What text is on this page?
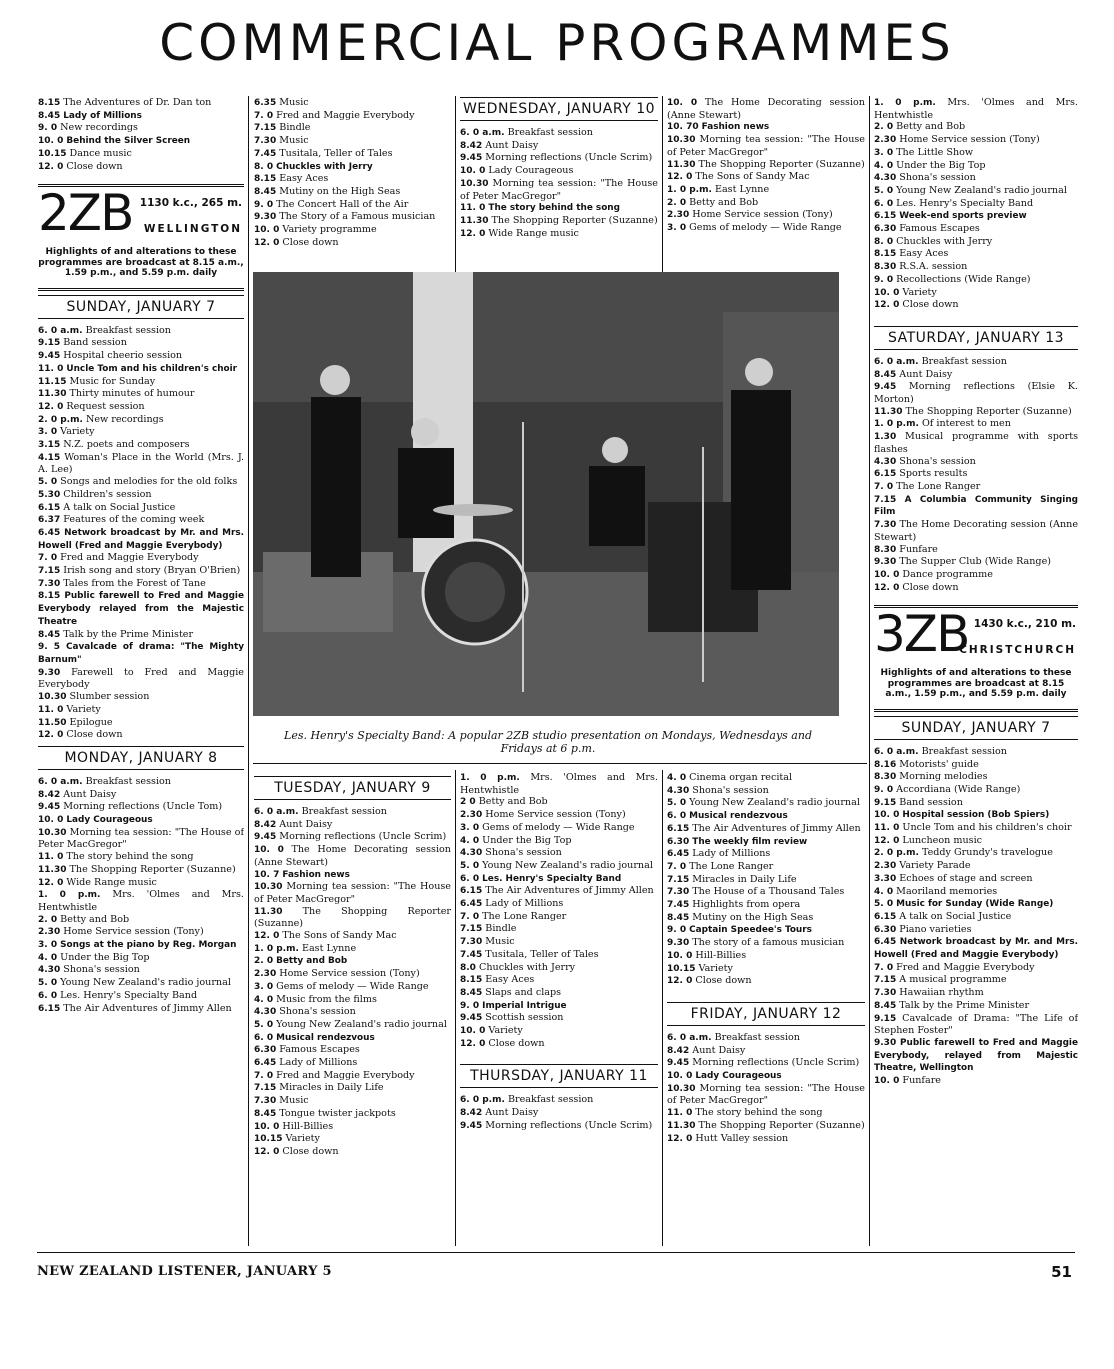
COMMERCIAL PROGRAMMES
8.15 The Adventures of Dr. Dan ton
8.45 Lady of Millions
9. 0 New recordings
10. 0 Behind the Silver Screen
10.15 Dance music
12. 0 Close down
2ZB 1130 k.c., 265 m.
WELLINGTON
Highlights of and alterations to these programmes are broadcast at 8.15 a.m., 1.59 p.m., and 5.59 p.m. daily
SUNDAY, JANUARY 7
6. 0 a.m. Breakfast session
9.15 Band session
9.45 Hospital cheerio session
11. 0 Uncle Tom and his children's choir
11.15 Music for Sunday
11.30 Thirty minutes of humour
12. 0 Request session
2. 0 p.m. New recordings
3. 0 Variety
3.15 N.Z. poets and composers
4.15 Woman's Place in the World (Mrs. J. A. Lee)
5. 0 Songs and melodies for the old folks
5.30 Children's session
6.15 A talk on Social Justice
6.37 Features of the coming week
6.45 Network broadcast by Mr. and Mrs. Howell (Fred and Maggie Everybody)
7. 0 Fred and Maggie Everybody
7.15 Irish song and story (Bryan O'Brien)
7.30 Tales from the Forest of Tane
8.15 Public farewell to Fred and Maggie Everybody relayed from the Majestic Theatre
8.45 Talk by the Prime Minister
9. 5 Cavalcade of drama: "The Mighty Barnum"
9.30 Farewell to Fred and Maggie Everybody
10.30 Slumber session
11. 0 Variety
11.50 Epilogue
12. 0 Close down
MONDAY, JANUARY 8
6. 0 a.m. Breakfast session
8.42 Aunt Daisy
9.45 Morning reflections (Uncle Tom)
10. 0 Lady Courageous
10.30 Morning tea session: "The House of Peter MacGregor"
11. 0 The story behind the song
11.30 The Shopping Reporter (Suzanne)
12. 0 Wide Range music
1. 0 p.m. Mrs. 'Olmes and Mrs. Hentwhistle
2. 0 Betty and Bob
2.30 Home Service session (Tony)
3. 0 Songs at the piano by Reg. Morgan
4. 0 Under the Big Top
4.30 Shona's session
5. 0 Young New Zealand's radio journal
6. 0 Les. Henry's Specialty Band
6.15 The Air Adventures of Jimmy Allen
6.35 Music
7. 0 Fred and Maggie Everybody
7.15 Bindle
7.30 Music
7.45 Tusitala, Teller of Tales
8. 0 Chuckles with Jerry
8.15 Easy Aces
8.45 Mutiny on the High Seas
9. 0 The Concert Hall of the Air
9.30 The Story of a Famous musician
10. 0 Variety programme
12. 0 Close down
WEDNESDAY, JANUARY 10
6. 0 a.m. Breakfast session
8.42 Aunt Daisy
9.45 Morning reflections (Uncle Scrim)
10. 0 Lady Courageous
10.30 Morning tea session: "The House of Peter MacGregor"
11. 0 The story behind the song
11.30 The Shopping Reporter (Suzanne)
12. 0 Wide Range music
10. 0 The Home Decorating session (Anne Stewart)
10. 70 Fashion news
10.30 Morning tea session: "The House of Peter MacGregor"
11.30 The Shopping Reporter (Suzanne)
12. 0 The Sons of Sandy Mac
1. 0 p.m. East Lynne
2. 0 Betty and Bob
2.30 Home Service session (Tony)
3. 0 Gems of melody — Wide Range
Les. Henry's Specialty Band: A popular 2ZB studio presentation on Mondays, Wednesdays and Fridays at 6 p.m.
TUESDAY, JANUARY 9
6. 0 a.m. Breakfast session
8.42 Aunt Daisy
9.45 Morning reflections (Uncle Scrim)
10. 0 The Home Decorating session (Anne Stewart)
10. 7 Fashion news
10.30 Morning tea session: "The House of Peter MacGregor"
11.30 The Shopping Reporter (Suzanne)
12. 0 The Sons of Sandy Mac
1. 0 p.m. East Lynne
2. 0 Betty and Bob
2.30 Home Service session (Tony)
3. 0 Gems of melody — Wide Range
4. 0 Music from the films
4.30 Shona's session
5. 0 Young New Zealand's radio journal
6. 0 Musical rendezvous
6.30 Famous Escapes
6.45 Lady of Millions
7. 0 Fred and Maggie Everybody
7.15 Miracles in Daily Life
7.30 Music
8.45 Tongue twister jackpots
10. 0 Hill-Billies
10.15 Variety
12. 0 Close down
1. 0 p.m. Mrs. 'Olmes and Mrs. Hentwhistle
2 0 Betty and Bob
2.30 Home Service session (Tony)
3. 0 Gems of melody — Wide Range
4. 0 Under the Big Top
4.30 Shona's session
5. 0 Young New Zealand's radio journal
6. 0 Les. Henry's Specialty Band
6.15 The Air Adventures of Jimmy Allen
6.45 Lady of Millions
7. 0 The Lone Ranger
7.15 Bindle
7.30 Music
7.45 Tusitala, Teller of Tales
8.0 Chuckles with Jerry
8.15 Easy Aces
8.45 Slaps and claps
9. 0 Imperial Intrigue
9.45 Scottish session
10. 0 Variety
12. 0 Close down
THURSDAY, JANUARY 11
6. 0 p.m. Breakfast session
8.42 Aunt Daisy
9.45 Morning reflections (Uncle Scrim)
4. 0 Cinema organ recital
4.30 Shona's session
5. 0 Young New Zealand's radio journal
6. 0 Musical rendezvous
6.15 The Air Adventures of Jimmy Allen
6.30 The weekly film review
6.45 Lady of Millions
7. 0 The Lone Ranger
7.15 Miracles in Daily Life
7.30 The House of a Thousand Tales
7.45 Highlights from opera
8.45 Mutiny on the High Seas
9. 0 Captain Speedee's Tours
9.30 The story of a famous musician
10. 0 Hill-Billies
10.15 Variety
12. 0 Close down
FRIDAY, JANUARY 12
6. 0 a.m. Breakfast session
8.42 Aunt Daisy
9.45 Morning reflections (Uncle Scrim)
10. 0 Lady Courageous
10.30 Morning tea session: "The House of Peter MacGregor"
11. 0 The story behind the song
11.30 The Shopping Reporter (Suzanne)
12. 0 Hutt Valley session
1. 0 p.m. Mrs. 'Olmes and Mrs. Hentwhistle
2. 0 Betty and Bob
2.30 Home Service session (Tony)
3. 0 The Little Show
4. 0 Under the Big Top
4.30 Shona's session
5. 0 Young New Zealand's radio journal
6. 0 Les. Henry's Specialty Band
6.15 Week-end sports preview
6.30 Famous Escapes
8. 0 Chuckles with Jerry
8.15 Easy Aces
8.30 R.S.A. session
9. 0 Recollections (Wide Range)
10. 0 Variety
12. 0 Close down
SATURDAY, JANUARY 13
6. 0 a.m. Breakfast session
8.45 Aunt Daisy
9.45 Morning reflections (Elsie K. Morton)
11.30 The Shopping Reporter (Suzanne)
1. 0 p.m. Of interest to men
1.30 Musical programme with sports flashes
4.30 Shona's session
6.15 Sports results
7. 0 The Lone Ranger
7.15 A Columbia Community Singing Film
7.30 The Home Decorating session (Anne Stewart)
8.30 Funfare
9.30 The Supper Club (Wide Range)
10. 0 Dance programme
12. 0 Close down
3ZB 1430 k.c., 210 m.
CHRISTCHURCH
Highlights of and alterations to these programmes are broadcast at 8.15 a.m., 1.59 p.m., and 5.59 p.m. daily
SUNDAY, JANUARY 7
6. 0 a.m. Breakfast session
8.16 Motorists' guide
8.30 Morning melodies
9. 0 Accordiana (Wide Range)
9.15 Band session
10. 0 Hospital session (Bob Spiers)
11. 0 Uncle Tom and his children's choir
12. 0 Luncheon music
2. 0 p.m. Teddy Grundy's travelogue
2.30 Variety Parade
3.30 Echoes of stage and screen
4. 0 Maoriland memories
5. 0 Music for Sunday (Wide Range)
6.15 A talk on Social Justice
6.30 Piano varieties
6.45 Network broadcast by Mr. and Mrs. Howell (Fred and Maggie Everybody)
7. 0 Fred and Maggie Everybody
7.15 A musical programme
7.30 Hawaiian rhythm
8.45 Talk by the Prime Minister
9.15 Cavalcade of Drama: "The Life of Stephen Foster"
9.30 Public farewell to Fred and Maggie Everybody, relayed from Majestic Theatre, Wellington
10. 0 Funfare
NEW ZEALAND LISTENER, JANUARY 5	51
